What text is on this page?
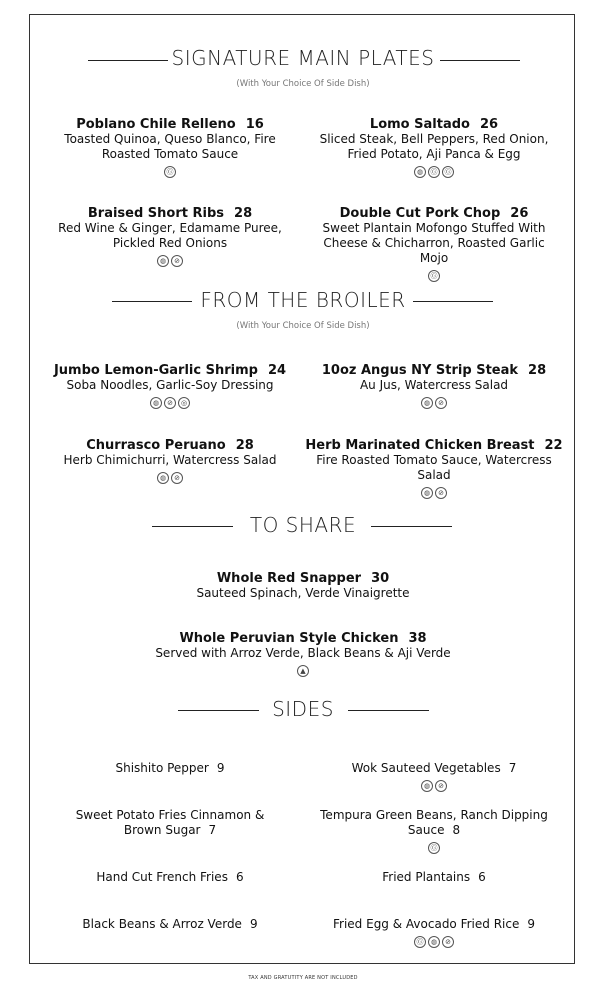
SIGNATURE MAIN PLATES
(With Your Choice Of Side Dish)
Poblano Chile Relleno 16
Toasted Quinoa, Queso Blanco, Fire Roasted Tomato Sauce
Ⓖ
Lomo Saltado 26
Sliced Steak, Bell Peppers, Red Onion, Fried Potato, Aji Panca & Egg
◍	Ⓖ	Ⓖ
Braised Short Ribs 28
Red Wine & Ginger, Edamame Puree, Pickled Red Onions
◍	⊘
Double Cut Pork Chop 26
Sweet Plantain Mofongo Stuffed With Cheese & Chicharron, Roasted Garlic Mojo
Ⓖ
FROM THE BROILER
(With Your Choice Of Side Dish)
Jumbo Lemon-Garlic Shrimp 24
Soba Noodles, Garlic-Soy Dressing
◍	⊘	◎
10oz Angus NY Strip Steak 28
Au Jus, Watercress Salad
◍	⊘
Churrasco Peruano 28
Herb Chimichurri, Watercress Salad
◍	⊘
Herb Marinated Chicken Breast 22
Fire Roasted Tomato Sauce, Watercress Salad
◍	⊘
TO SHARE
Whole Red Snapper 30
Sauteed Spinach, Verde Vinaigrette
Whole Peruvian Style Chicken 38
Served with Arroz Verde, Black Beans & Aji Verde
▲
SIDES
Shishito Pepper 9	Wok Sauteed Vegetables 7
◍	⊘
Sweet Potato Fries Cinnamon & Brown Sugar 7
Tempura Green Beans, Ranch Dipping Sauce 8
Ⓖ
Hand Cut French Fries 6	Fried Plantains 6
Black Beans & Arroz Verde 9	Fried Egg & Avocado Fried Rice 9
Ⓖ	◍	⊘
TAX AND GRATUTITY ARE NOT INCLUDED
